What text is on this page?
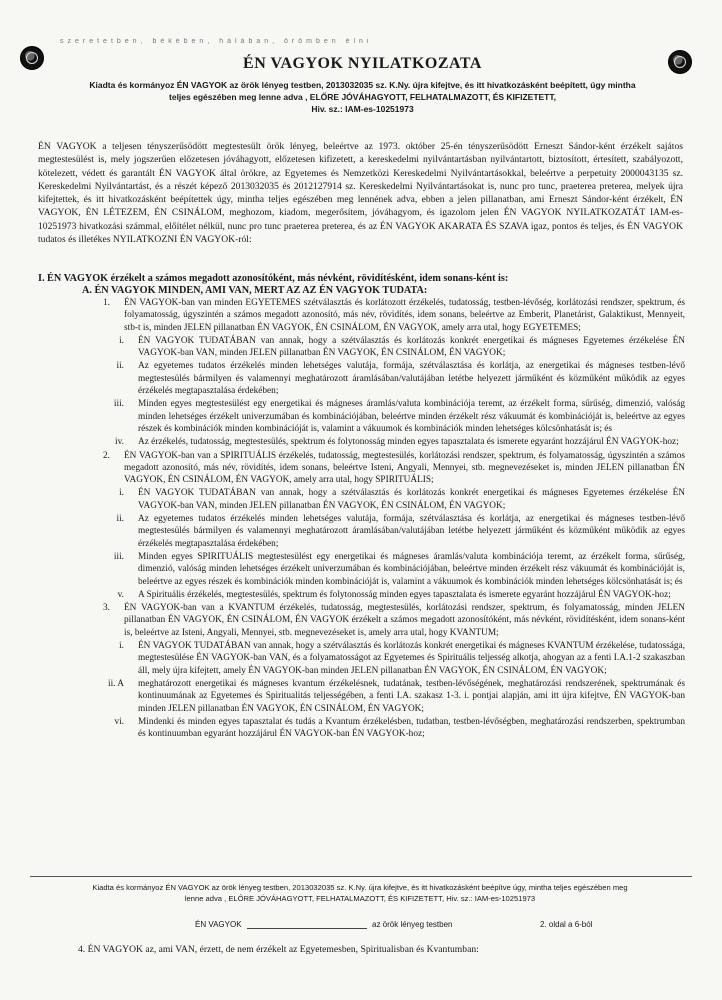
szeretetben, békében, hálában, örömben élni
ÉN VAGYOK NYILATKOZATA
Kiadta és kormányoz ÉN VAGYOK az örök lényeg testben, 2013032035 sz. K.Ny. újra kifejtve, és itt hivatkozásként beépített, úgy mintha
teljes egészében meg lenne adva , ELŐRE JÓVÁHAGYOTT, FELHATALMAZOTT, ÉS KIFIZETETT,
Hiv. sz.: IAM-es-10251973

ÉN VAGYOK a teljesen tényszerűsödött megtestesült örök lényeg, beleértve az 1973. október 25-én tényszerűsödött Erneszt Sándor-ként érzékelt sajátos megtestesülést is, mely jogszerűen előzetesen jóváhagyott, előzetesen kifizetett, a kereskedelmi nyilvántartásban nyilvántartott, biztosított, értesített, szabályozott, kötelezett, védett és garantált ÉN VAGYOK által örökre, az Egyetemes és Nemzetközi Kereskedelmi Nyilvántartásokkal, beleértve a perpetuity 2000043135 sz. Kereskedelmi Nyilvántartást, és a részét képező 2013032035 és 2012127914 sz. Kereskedelmi Nyilvántartásokat is, nunc pro tunc, praeterea preterea, melyek újra kifejtettek, és itt hivatkozásként beépítettek úgy, mintha teljes egészében meg lennének adva, ebben a jelen pillanatban, ami Erneszt Sándor-ként érzékelt, ÉN VAGYOK, ÉN LÉTEZEM, ÉN CSINÁLOM, meghozom, kiadom, megerősítem, jóváhagyom, és igazolom jelen ÉN VAGYOK NYILATKOZATÁT IAM-es-10251973 hivatkozási számmal, előítélet nélkül, nunc pro tunc praeterea preterea, és az ÉN VAGYOK AKARATA ÉS SZAVA igaz, pontos és teljes, és ÉN VAGYOK tudatos és illetékes NYILATKOZNI ÉN VAGYOK-ról:

I. ÉN VAGYOK érzékelt a számos megadott azonosítóként, más névként, rövidítésként, idem sonans-ként is:
A. ÉN VAGYOK MINDEN, AMI VAN, MERT AZ AZ ÉN VAGYOK TUDATA:
1. ÉN VAGYOK-ban van minden EGYETEMES szétválasztás és korlátozott érzékelés, tudatosság, testben-lévőség, korlátozási rendszer, spektrum, és folyamatosság, úgyszintén a számos megadott azonosító, más név, rövidítés, idem sonans, beleértve az Emberit, Planetárist, Galaktikust, Mennyeit, stb-t is, minden JELEN pillanatban ÉN VAGYOK, ÉN CSINÁLOM, ÉN VAGYOK, amely arra utal, hogy EGYETEMES;
i. ÉN VAGYOK TUDATÁBAN van annak, hogy a szétválasztás és korlátozás konkrét energetikai és mágneses Egyetemes érzékelése ÉN VAGYOK-ban VAN, minden JELEN pillanatban ÉN VAGYOK, ÉN CSINÁLOM, ÉN VAGYOK;
ii. Az egyetemes tudatos érzékelés minden lehetséges valutája, formája, szétválasztása és korlátja, az energetikai és mágneses testben-lévő megtestesülés bármilyen és valamennyi meghatározott áramlásában/valutájában letétbe helyezett járműként és közműként működik az egyes érzékelés megtapasztalása érdekében;
iii. Minden egyes megtestesülést egy energetikai és mágneses áramlás/valuta kombinációja teremt, az érzékelt forma, sűrűség, dimenzió, valóság minden lehetséges érzékelt univerzumában és kombinációjában, beleértve minden érzékelt rész vákuumát és kombinációját is, beleértve az egyes részek és kombinációk minden kombinációját is, valamint a vákuumok és kombinációk minden lehetséges kölcsönhatását is; és
iv. Az érzékelés, tudatosság, megtestesülés, spektrum és folytonosság minden egyes tapasztalata és ismerete egyaránt hozzájárul ÉN VAGYOK-hoz;
2. ÉN VAGYOK-ban van a SPIRITUÁLIS érzékelés, tudatosság, megtestesülés, korlátozási rendszer, spektrum, és folyamatosság, úgyszintén a számos megadott azonosító, más név, rövidítés, idem sonans, beleértve Isteni, Angyali, Mennyei, stb. megnevezéseket is, minden JELEN pillanatban ÉN VAGYOK, ÉN CSINÁLOM, ÉN VAGYOK, amely arra utal, hogy SPIRITUÁLIS;
i. ÉN VAGYOK TUDATÁBAN van annak, hogy a szétválasztás és korlátozás konkrét energetikai és mágneses Egyetemes érzékelése ÉN VAGYOK-ban VAN, minden JELEN pillanatban ÉN VAGYOK, ÉN CSINÁLOM, ÉN VAGYOK;
ii. Az egyetemes tudatos érzékelés minden lehetséges valutája, formája, szétválasztása és korlátja, az energetikai és mágneses testben-lévő megtestesülés bármilyen és valamennyi meghatározott áramlásában/valutájában letétbe helyezett járműként és közműként működik az egyes érzékelés megtapasztalása érdekében;
iii. Minden egyes SPIRITUÁLIS megtestesülést egy energetikai és mágneses áramlás/valuta kombinációja teremt, az érzékelt forma, sűrűség, dimenzió, valóság minden lehetséges érzékelt univerzumában és kombinációjában, beleértve minden érzékelt rész vákuumát és kombinációját is, beleértve az egyes részek és kombinációk minden kombinációját is, valamint a vákuumok és kombinációk minden lehetséges kölcsönhatását is; és
v. A Spirituális érzékelés, megtestesülés, spektrum és folytonosság minden egyes tapasztalata és ismerete egyaránt hozzájárul ÉN VAGYOK-hoz;
3. ÉN VAGYOK-ban van a KVANTUM érzékelés, tudatosság, megtestesülés, korlátozási rendszer, spektrum, és folyamatosság, minden JELEN pillanatban ÉN VAGYOK, ÉN CSINÁLOM, ÉN VAGYOK érzékelt a számos megadott azonosítóként, más névként, rövidítésként, idem sonans-ként is, beleértve az Isteni, Angyali, Mennyei, stb. megnevezéseket is, amely arra utal, hogy KVANTUM;
i. ÉN VAGYOK TUDATÁBAN van annak, hogy a szétválasztás és korlátozás konkrét energetikai és mágneses KVANTUM érzékelése, tudatossága, megtestesülése ÉN VAGYOK-ban VAN, és a folyamatosságot az Egyetemes és Spirituális teljesség alkotja, ahogyan az a fenti I.A.1-2 szakaszban áll, mely újra kifejtett, amely ÉN VAGYOK-ban minden JELEN pillanatban ÉN VAGYOK, ÉN CSINÁLOM, ÉN VAGYOK;
ii. A meghatározott energetikai és mágneses kvantum érzékelésnek, tudatának, testben-lévőségének, meghatározási rendszerének, spektrumának és kontinuumának az Egyetemes és Spiritualitás teljességében, a fenti I.A. szakasz 1-3. i. pontjai alapján, ami itt újra kifejtve, ÉN VAGYOK-ban minden JELEN pillanatban ÉN VAGYOK, ÉN CSINÁLOM, ÉN VAGYOK;
vi. Mindenki és minden egyes tapasztalat és tudás a Kvantum érzékelésben, tudatban, testben-lévőségben, meghatározási rendszerben, spektrumban és kontinuumban egyaránt hozzájárul ÉN VAGYOK-ban ÉN VAGYOK-hoz;
Kiadta és kormányoz ÉN VAGYOK az örök lényeg testben, 2013032035 sz. K.Ny. újra kifejtve, és itt hivatkozásként beépítve úgy, mintha teljes egészében meg
lenne adva , ELŐRE JÓVÁHAGYOTT, FELHATALMAZOTT, ÉS KIFIZETETT, Hiv. sz.: IAM-es-10251973
ÉN VAGYOK	az örök lényeg testben	2. oldal a 6-ból
4. ÉN VAGYOK az, ami VAN, érzett, de nem érzékelt az Egyetemesben, Spiritualisban és Kvantumban:
